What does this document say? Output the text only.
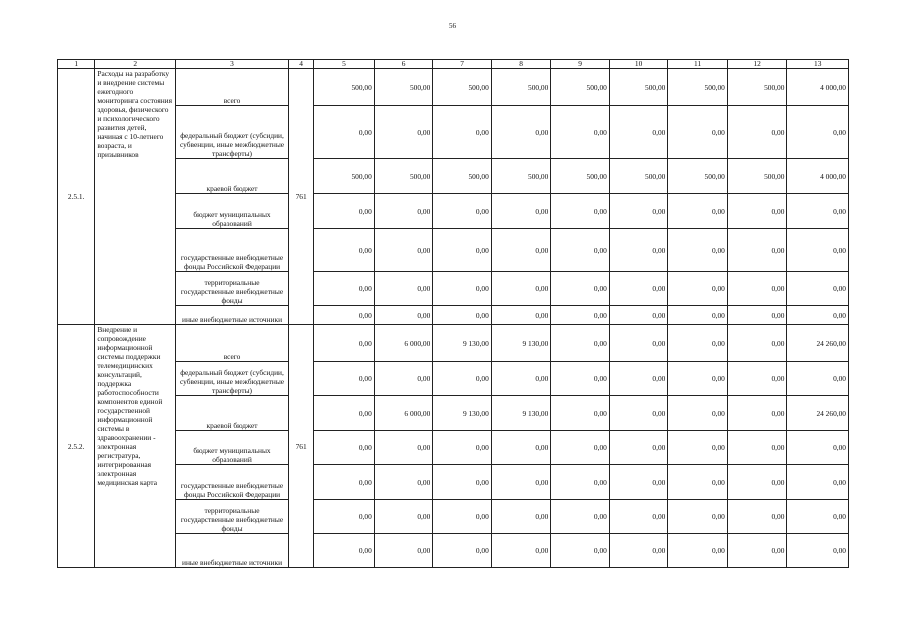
56
1	2	3	4	5	6	7	8	9	10	11	12	13
2.5.1.	Расходы на разработку и внедрение системы ежегодного мониторинга состояния здоровья, физического и психологического развития детей, начиная с 10-летнего возраста, и призывников	всего	761	500,00	500,00	500,00	500,00	500,00	500,00	500,00	500,00	4 000,00
		федеральный бюджет (субсидии, субвенции, иные межбюджетные трансферты)		0,00	0,00	0,00	0,00	0,00	0,00	0,00	0,00	0,00
		краевой бюджет		500,00	500,00	500,00	500,00	500,00	500,00	500,00	500,00	4 000,00
		бюджет муниципальных образований		0,00	0,00	0,00	0,00	0,00	0,00	0,00	0,00	0,00
		государственные внебюджетные фонды Российской Федерации		0,00	0,00	0,00	0,00	0,00	0,00	0,00	0,00	0,00
		территориальные государственные внебюджетные фонды		0,00	0,00	0,00	0,00	0,00	0,00	0,00	0,00	0,00
		иные внебюджетные источники		0,00	0,00	0,00	0,00	0,00	0,00	0,00	0,00	0,00
2.5.2.	Внедрение и сопровождение информационной системы поддержки телемедицинских консультаций, поддержка работоспособности компонентов единой государственной информационной системы в здравоохранении - электронная регистратура, интегрированная электронная медицинская карта	всего	761	0,00	6 000,00	9 130,00	9 130,00	0,00	0,00	0,00	0,00	24 260,00
		федеральный бюджет (субсидии, субвенции, иные межбюджетные трансферты)		0,00	0,00	0,00	0,00	0,00	0,00	0,00	0,00	0,00
		краевой бюджет		0,00	6 000,00	9 130,00	9 130,00	0,00	0,00	0,00	0,00	24 260,00
		бюджет муниципальных образований		0,00	0,00	0,00	0,00	0,00	0,00	0,00	0,00	0,00
		государственные внебюджетные фонды Российской Федерации		0,00	0,00	0,00	0,00	0,00	0,00	0,00	0,00	0,00
		территориальные государственные внебюджетные фонды		0,00	0,00	0,00	0,00	0,00	0,00	0,00	0,00	0,00
		иные внебюджетные источники		0,00	0,00	0,00	0,00	0,00	0,00	0,00	0,00	0,00
